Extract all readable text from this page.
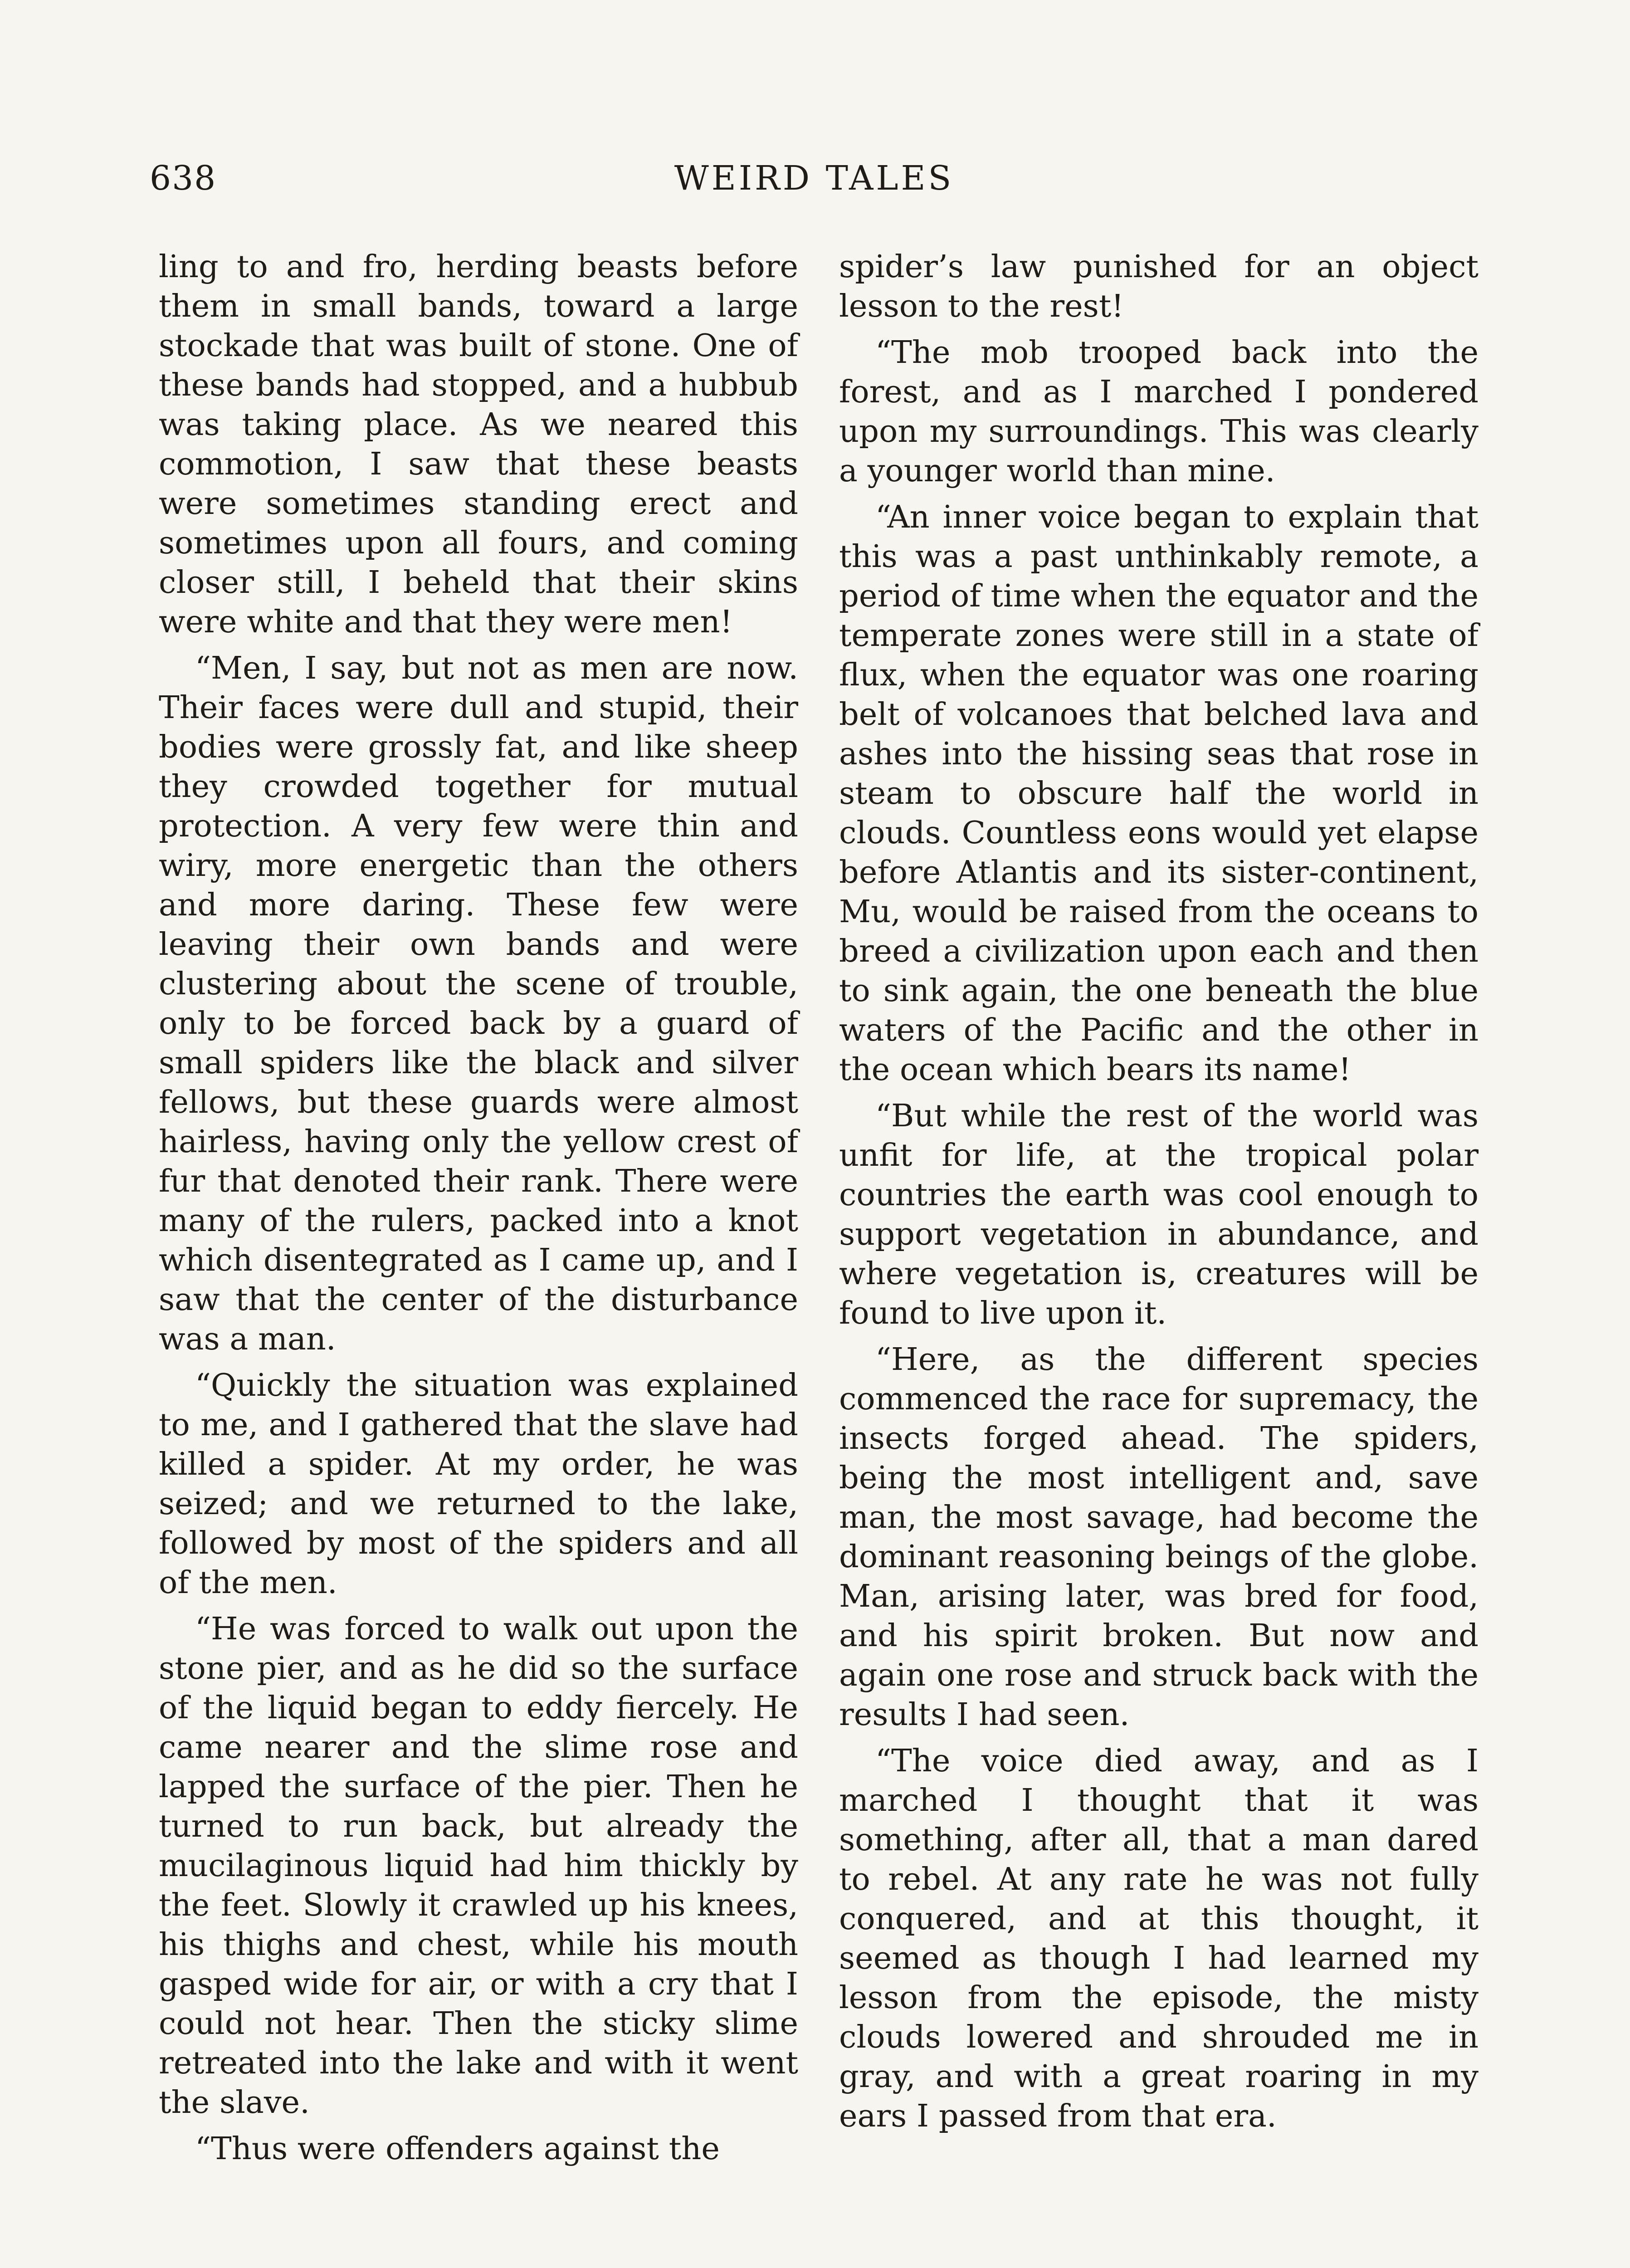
638	WEIRD TALES

ling to and fro, herding beasts before them in small bands, toward a large stockade that was built of stone. One of these bands had stopped, and a hubbub was taking place. As we neared this commotion, I saw that these beasts were sometimes standing erect and sometimes upon all fours, and coming closer still, I beheld that their skins were white and that they were men!

“Men, I say, but not as men are now. Their faces were dull and stupid, their bodies were grossly fat, and like sheep they crowded together for mutual protection. A very few were thin and wiry, more energetic than the others and more daring. These few were leaving their own bands and were clustering about the scene of trouble, only to be forced back by a guard of small spiders like the black and silver fellows, but these guards were almost hairless, having only the yellow crest of fur that denoted their rank. There were many of the rulers, packed into a knot which disentegrated as I came up, and I saw that the center of the disturbance was a man.

“Quickly the situation was explained to me, and I gathered that the slave had killed a spider. At my order, he was seized; and we returned to the lake, followed by most of the spiders and all of the men.

“He was forced to walk out upon the stone pier, and as he did so the surface of the liquid began to eddy fiercely. He came nearer and the slime rose and lapped the surface of the pier. Then he turned to run back, but already the mucilaginous liquid had him thickly by the feet. Slowly it crawled up his knees, his thighs and chest, while his mouth gasped wide for air, or with a cry that I could not hear. Then the sticky slime retreated into the lake and with it went the slave.

“Thus were offenders against the

spider’s law punished for an object lesson to the rest!

“The mob trooped back into the forest, and as I marched I pondered upon my surroundings. This was clearly a younger world than mine.

“An inner voice began to explain that this was a past unthinkably remote, a period of time when the equator and the temperate zones were still in a state of flux, when the equator was one roaring belt of volcanoes that belched lava and ashes into the hissing seas that rose in steam to obscure half the world in clouds. Countless eons would yet elapse before Atlantis and its sister-continent, Mu, would be raised from the oceans to breed a civilization upon each and then to sink again, the one beneath the blue waters of the Pacific and the other in the ocean which bears its name!

“But while the rest of the world was unfit for life, at the tropical polar countries the earth was cool enough to support vegetation in abundance, and where vegetation is, creatures will be found to live upon it.

“Here, as the different species commenced the race for supremacy, the insects forged ahead. The spiders, being the most intelligent and, save man, the most savage, had become the dominant reasoning beings of the globe. Man, arising later, was bred for food, and his spirit broken. But now and again one rose and struck back with the results I had seen.

“The voice died away, and as I marched I thought that it was something, after all, that a man dared to rebel. At any rate he was not fully conquered, and at this thought, it seemed as though I had learned my lesson from the episode, the misty clouds lowered and shrouded me in gray, and with a great roaring in my ears I passed from that era.
